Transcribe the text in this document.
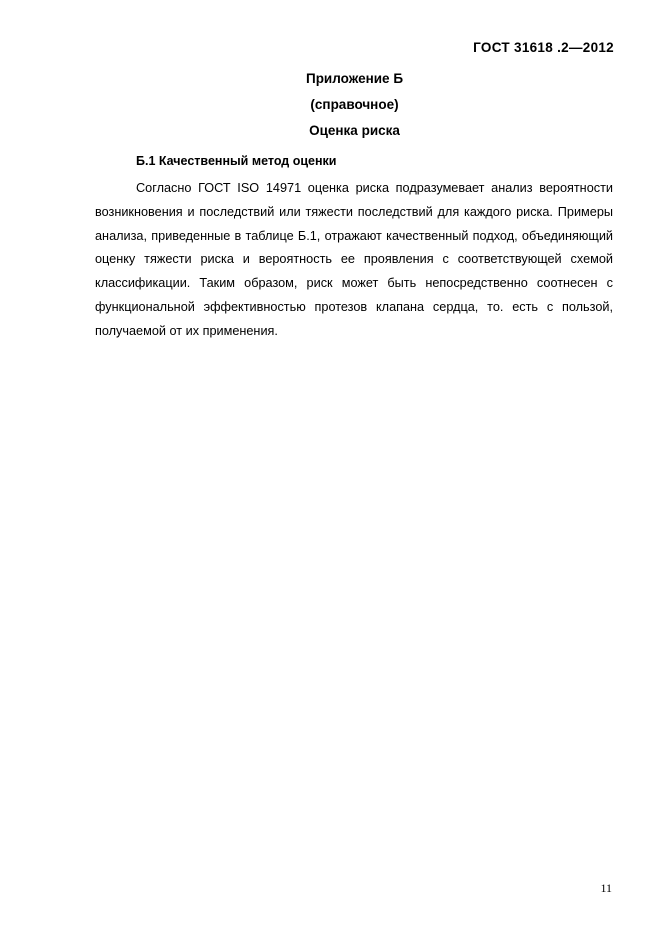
ГОСТ 31618 .2—2012
Приложение Б
(справочное)
Оценка риска
Б.1 Качественный метод оценки

Согласно ГОСТ ISO 14971 оценка риска подразумевает анализ вероятности возникновения и последствий или тяжести последствий для каждого риска. Примеры анализа, приведенные в таблице Б.1, отражают качественный подход, объединяющий оценку тяжести риска и вероятность ее проявления с соответствующей схемой классификации. Таким образом, риск может быть непосредственно соотнесен с функциональной эффективностью протезов клапана сердца, то. есть с пользой, получаемой от их применения.

11
